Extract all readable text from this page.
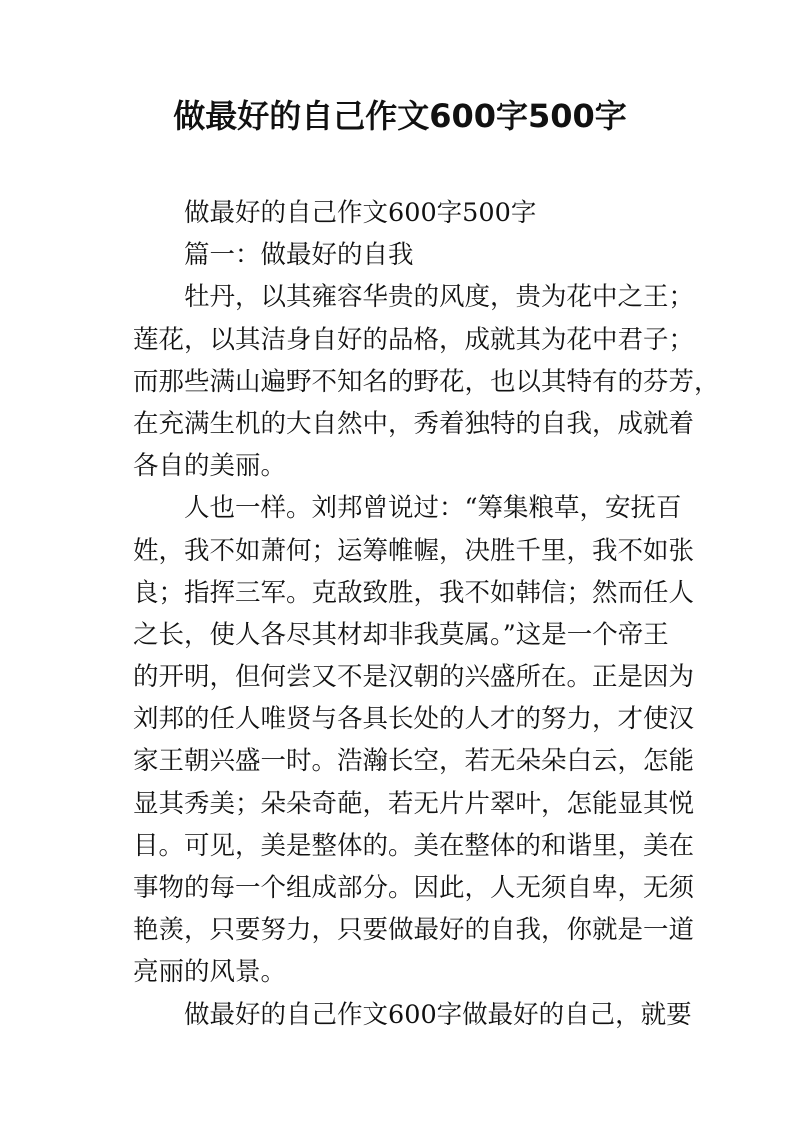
做最好的自己作文600字500字
做最好的自己作文600字500字
篇一：做最好的自我
牡丹，以其雍容华贵的风度，贵为花中之王；
莲花，以其洁身自好的品格，成就其为花中君子；
而那些满山遍野不知名的野花，也以其特有的芬芳，
在充满生机的大自然中，秀着独特的自我，成就着
各自的美丽。
人也一样。刘邦曾说过：“筹集粮草，安抚百
姓，我不如萧何；运筹帷幄，决胜千里，我不如张
良；指挥三军。克敌致胜，我不如韩信；然而任人
之长，使人各尽其材却非我莫属。”这是一个帝王
的开明，但何尝又不是汉朝的兴盛所在。正是因为
刘邦的任人唯贤与各具长处的人才的努力，才使汉
家王朝兴盛一时。浩瀚长空，若无朵朵白云，怎能
显其秀美；朵朵奇葩，若无片片翠叶，怎能显其悦
目。可见，美是整体的。美在整体的和谐里，美在
事物的每一个组成部分。因此，人无须自卑，无须
艳羡，只要努力，只要做最好的自我，你就是一道
亮丽的风景。
做最好的自己作文600字做最好的自己，就要
